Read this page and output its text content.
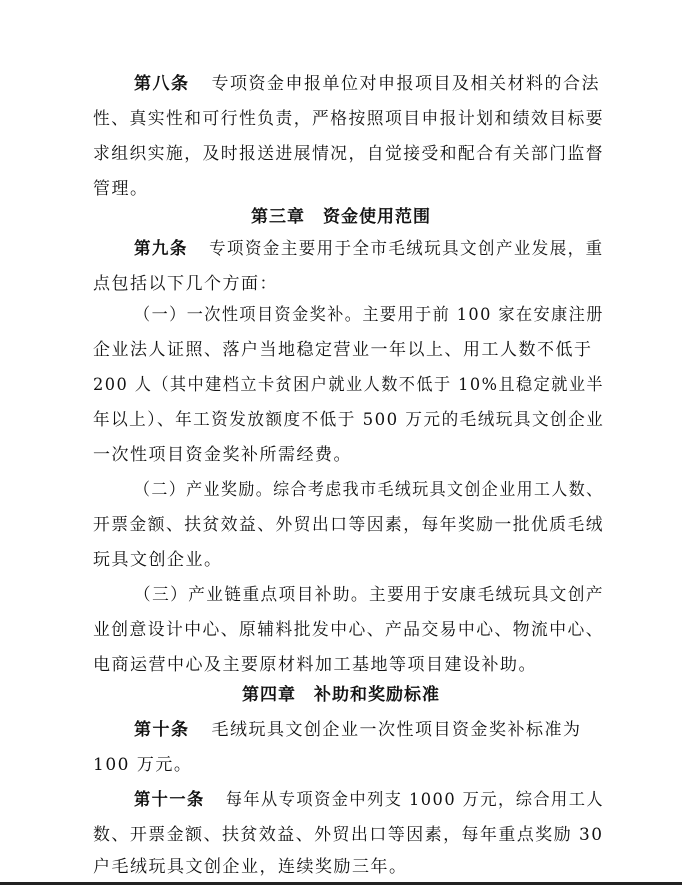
第八条 专项资金申报单位对申报项目及相关材料的合法
性、真实性和可行性负责，严格按照项目申报计划和绩效目标要
求组织实施，及时报送进展情况，自觉接受和配合有关部门监督
管理。
第三章 资金使用范围
第九条 专项资金主要用于全市毛绒玩具文创产业发展，重
点包括以下几个方面：
（一）一次性项目资金奖补。主要用于前 100 家在安康注册
企业法人证照、落户当地稳定营业一年以上、用工人数不低于
200 人（其中建档立卡贫困户就业人数不低于 10%且稳定就业半
年以上）、年工资发放额度不低于 500 万元的毛绒玩具文创企业
一次性项目资金奖补所需经费。
（二）产业奖励。综合考虑我市毛绒玩具文创企业用工人数、
开票金额、扶贫效益、外贸出口等因素，每年奖励一批优质毛绒
玩具文创企业。
（三）产业链重点项目补助。主要用于安康毛绒玩具文创产
业创意设计中心、原辅料批发中心、产品交易中心、物流中心、
电商运营中心及主要原材料加工基地等项目建设补助。
第四章 补助和奖励标准
第十条 毛绒玩具文创企业一次性项目资金奖补标准为
100 万元。
第十一条 每年从专项资金中列支 1000 万元，综合用工人
数、开票金额、扶贫效益、外贸出口等因素，每年重点奖励 30
户毛绒玩具文创企业，连续奖励三年。
